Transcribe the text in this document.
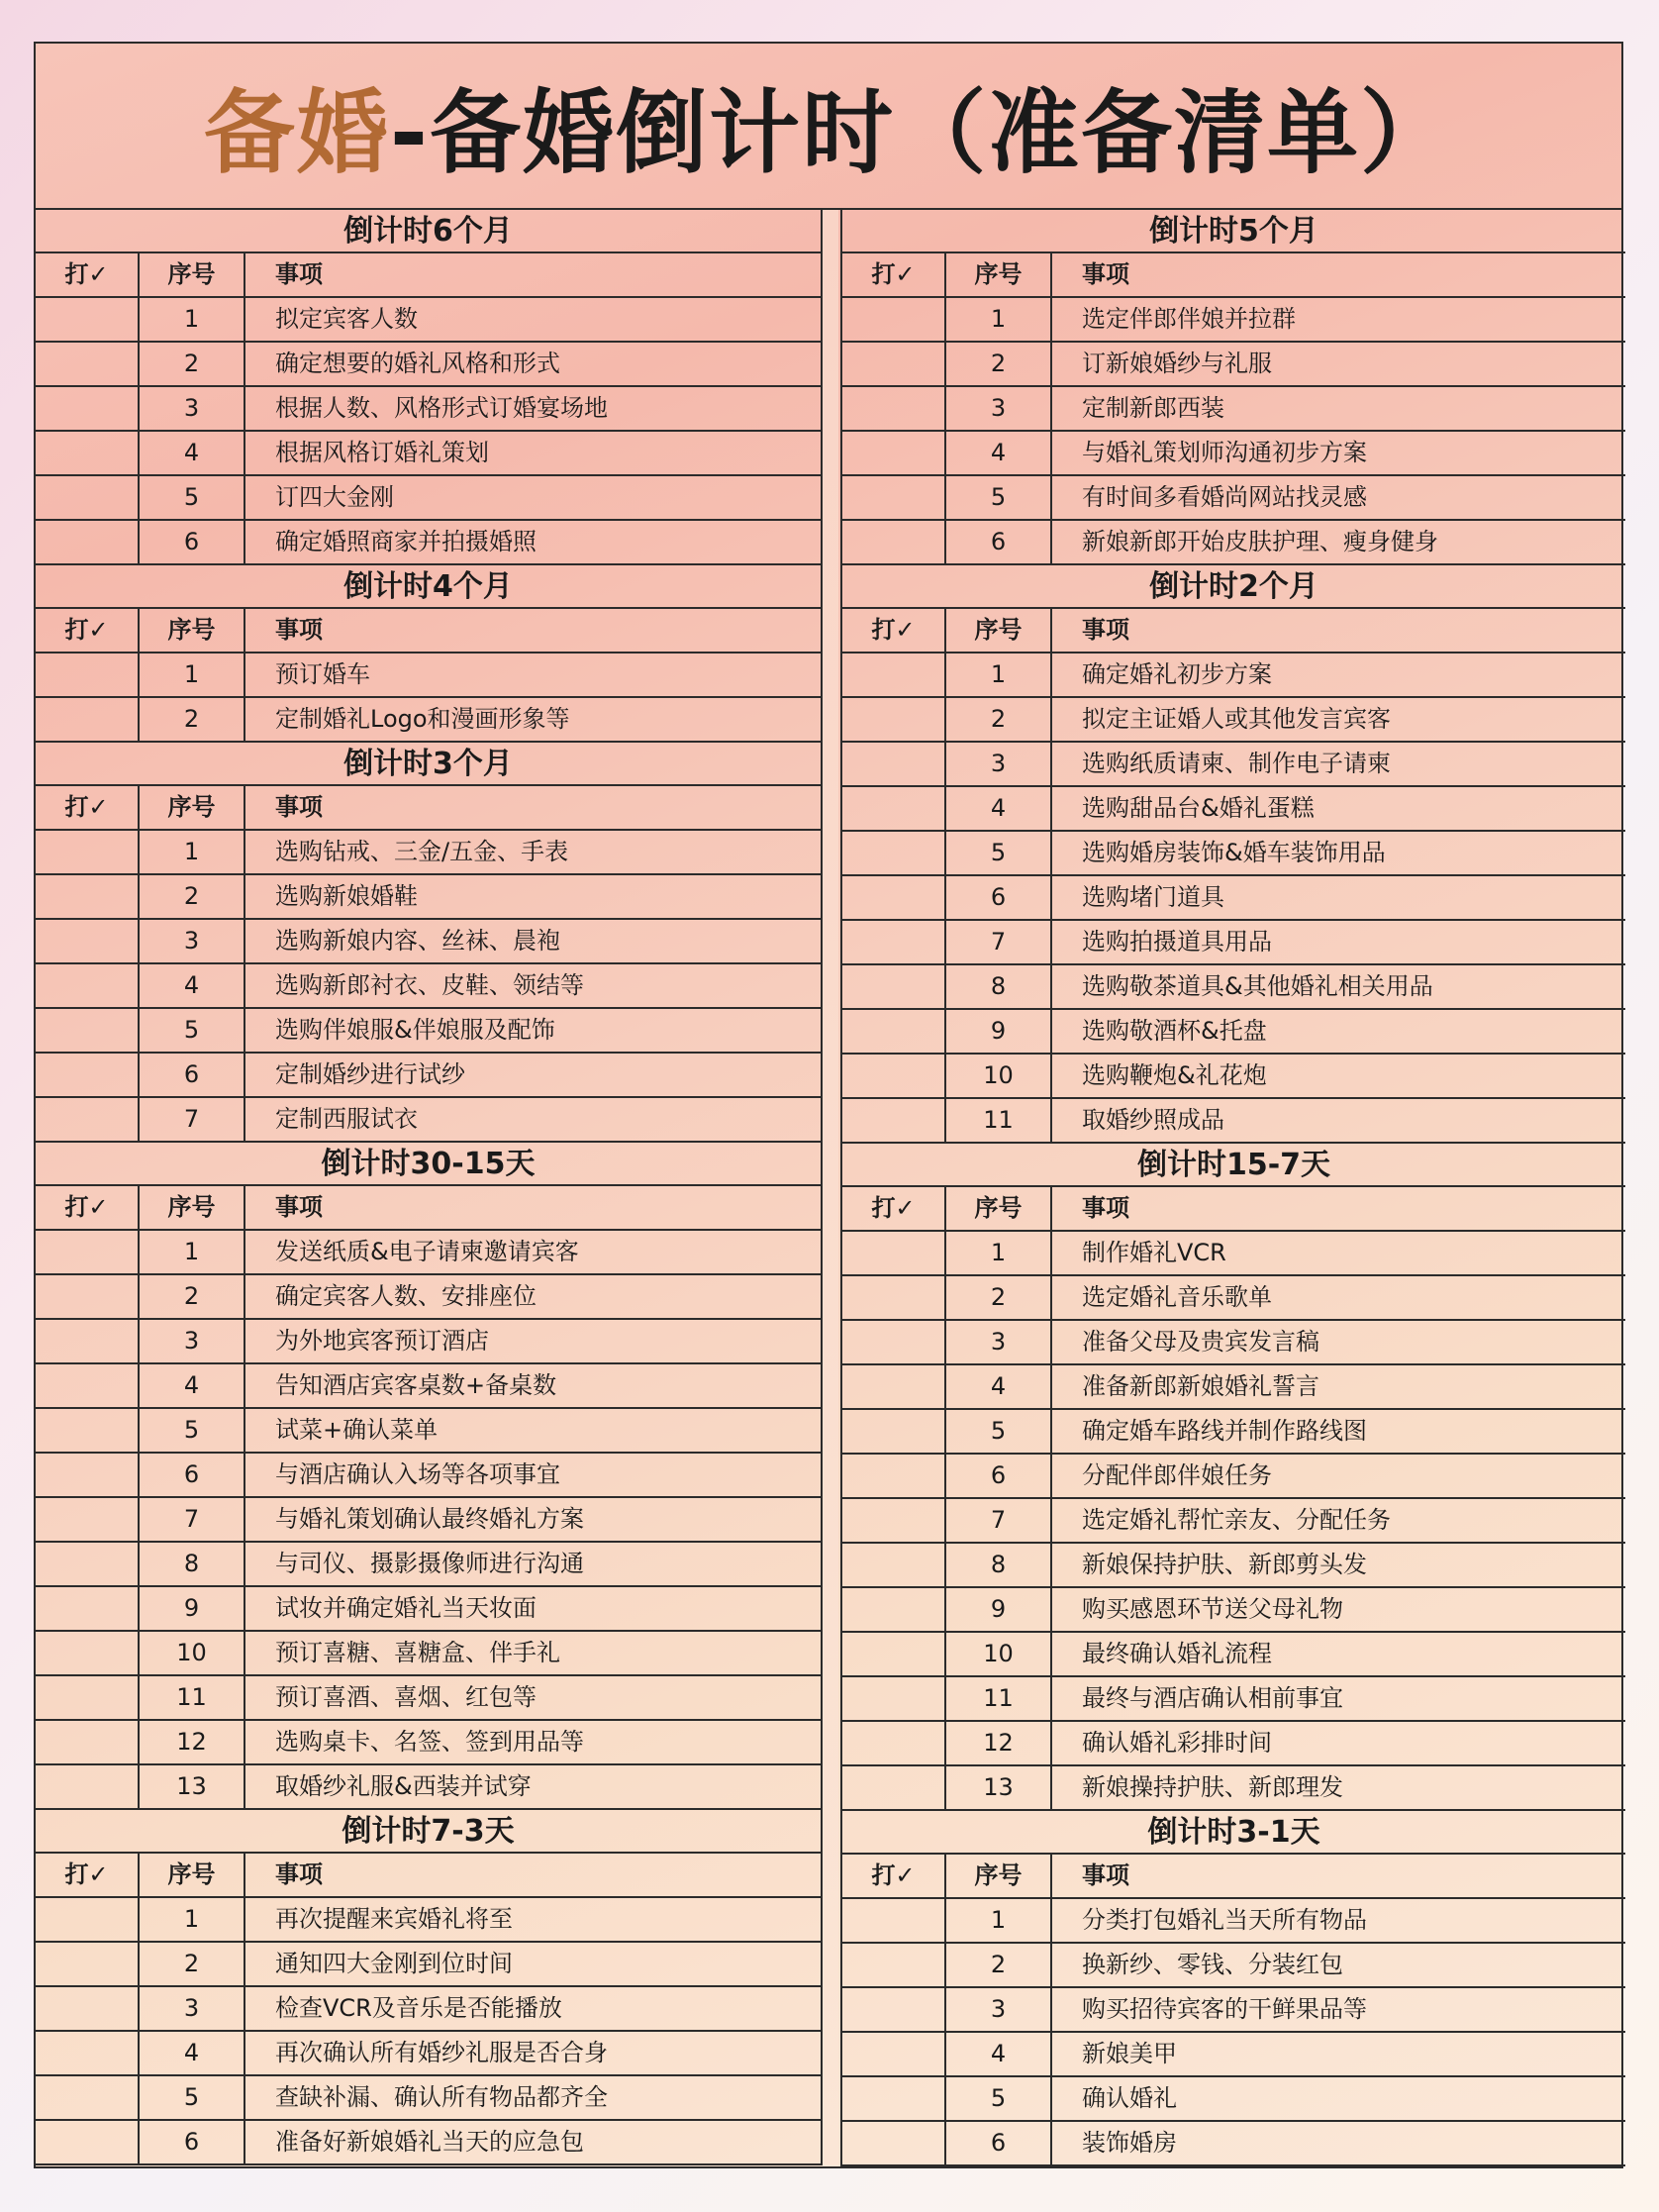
备婚 -备婚倒计时（准备清单）
倒计时6个月
打✓	序号	事项
1	拟定宾客人数
2	确定想要的婚礼风格和形式
3	根据人数、风格形式订婚宴场地
4	根据风格订婚礼策划
5	订四大金刚
6	确定婚照商家并拍摄婚照
倒计时4个月
打✓	序号	事项
1	预订婚车
2	定制婚礼Logo和漫画形象等
倒计时3个月
打✓	序号	事项
1	选购钻戒、三金/五金、手表
2	选购新娘婚鞋
3	选购新娘内容、丝袜、晨袍
4	选购新郎衬衣、皮鞋、领结等
5	选购伴娘服&伴娘服及配饰
6	定制婚纱进行试纱
7	定制西服试衣
倒计时30-15天
打✓	序号	事项
1	发送纸质&电子请柬邀请宾客
2	确定宾客人数、安排座位
3	为外地宾客预订酒店
4	告知酒店宾客桌数+备桌数
5	试菜+确认菜单
6	与酒店确认入场等各项事宜
7	与婚礼策划确认最终婚礼方案
8	与司仪、摄影摄像师进行沟通
9	试妆并确定婚礼当天妆面
10	预订喜糖、喜糖盒、伴手礼
11	预订喜酒、喜烟、红包等
12	选购桌卡、名签、签到用品等
13	取婚纱礼服&西装并试穿
倒计时7-3天
打✓	序号	事项
1	再次提醒来宾婚礼将至
2	通知四大金刚到位时间
3	检查VCR及音乐是否能播放
4	再次确认所有婚纱礼服是否合身
5	查缺补漏、确认所有物品都齐全
6	准备好新娘婚礼当天的应急包
倒计时5个月
打✓	序号	事项
1	选定伴郎伴娘并拉群
2	订新娘婚纱与礼服
3	定制新郎西装
4	与婚礼策划师沟通初步方案
5	有时间多看婚尚网站找灵感
6	新娘新郎开始皮肤护理、瘦身健身
倒计时2个月
打✓	序号	事项
1	确定婚礼初步方案
2	拟定主证婚人或其他发言宾客
3	选购纸质请柬、制作电子请柬
4	选购甜品台&婚礼蛋糕
5	选购婚房装饰&婚车装饰用品
6	选购堵门道具
7	选购拍摄道具用品
8	选购敬茶道具&其他婚礼相关用品
9	选购敬酒杯&托盘
10	选购鞭炮&礼花炮
11	取婚纱照成品
倒计时15-7天
打✓	序号	事项
1	制作婚礼VCR
2	选定婚礼音乐歌单
3	准备父母及贵宾发言稿
4	准备新郎新娘婚礼誓言
5	确定婚车路线并制作路线图
6	分配伴郎伴娘任务
7	选定婚礼帮忙亲友、分配任务
8	新娘保持护肤、新郎剪头发
9	购买感恩环节送父母礼物
10	最终确认婚礼流程
11	最终与酒店确认相前事宜
12	确认婚礼彩排时间
13	新娘操持护肤、新郎理发
倒计时3-1天
打✓	序号	事项
1	分类打包婚礼当天所有物品
2	换新纱、零钱、分装红包
3	购买招待宾客的干鲜果品等
4	新娘美甲
5	确认婚礼
6	装饰婚房
